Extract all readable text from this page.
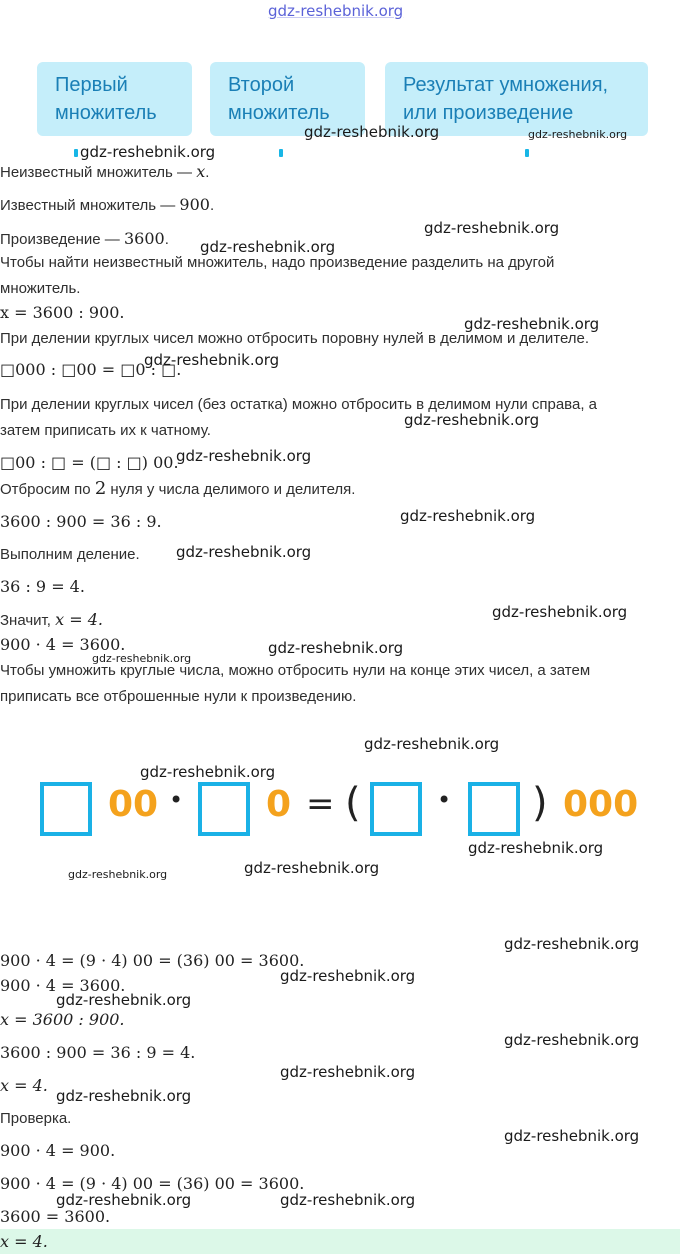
gdz-reshebnik.org
Первый
множитель
Второй
множитель
Результат умножения,
или произведение
Неизвестный множитель — x.
Известный множитель — 900.
Произведение — 3600.
Чтобы найти неизвестный множитель, надо произведение разделить на другой
множитель.
x = 3600 : 900.
При делении круглых чисел можно отбросить поровну нулей в делимом и делителе.
□000 : □00 = □0 : □.
При делении круглых чисел (без остатка) можно отбросить в делимом нули справа, а
затем приписать их к чатному.
□00 : □ = (□ : □) 00.
Отбросим по 2 нуля у числа делимого и делителя.
3600 : 900 = 36 : 9.
Выполним деление.
36 : 9 = 4.
Значит, x = 4.
900 · 4 = 3600.
Чтобы умножить круглые числа, можно отбросить нули на конце этих чисел, а затем
приписать все отброшенные нули к произведению.
00 • 0 = (	• ) 000
900 · 4 = (9 · 4) 00 = (36) 00 = 3600.
900 · 4 = 3600.
x = 3600 : 900.
3600 : 900 = 36 : 9 = 4.
x = 4.
Проверка.
900 · 4 = 900.
900 · 4 = (9 · 4) 00 = (36) 00 = 3600.
3600 = 3600.
x = 4.
gdz-reshebnik.org	gdz-reshebnik.org
gdz-reshebnik.org
gdz-reshebnik.org
gdz-reshebnik.org
gdz-reshebnik.org
gdz-reshebnik.org
gdz-reshebnik.org
gdz-reshebnik.org
gdz-reshebnik.org
gdz-reshebnik.org
gdz-reshebnik.org
gdz-reshebnik.org
gdz-reshebnik.org
gdz-reshebnik.org
gdz-reshebnik.org
gdz-reshebnik.org
gdz-reshebnik.org
gdz-reshebnik.org
gdz-reshebnik.org
gdz-reshebnik.org
gdz-reshebnik.org
gdz-reshebnik.org
gdz-reshebnik.org
gdz-reshebnik.org
gdz-reshebnik.org
gdz-reshebnik.org	gdz-reshebnik.org
